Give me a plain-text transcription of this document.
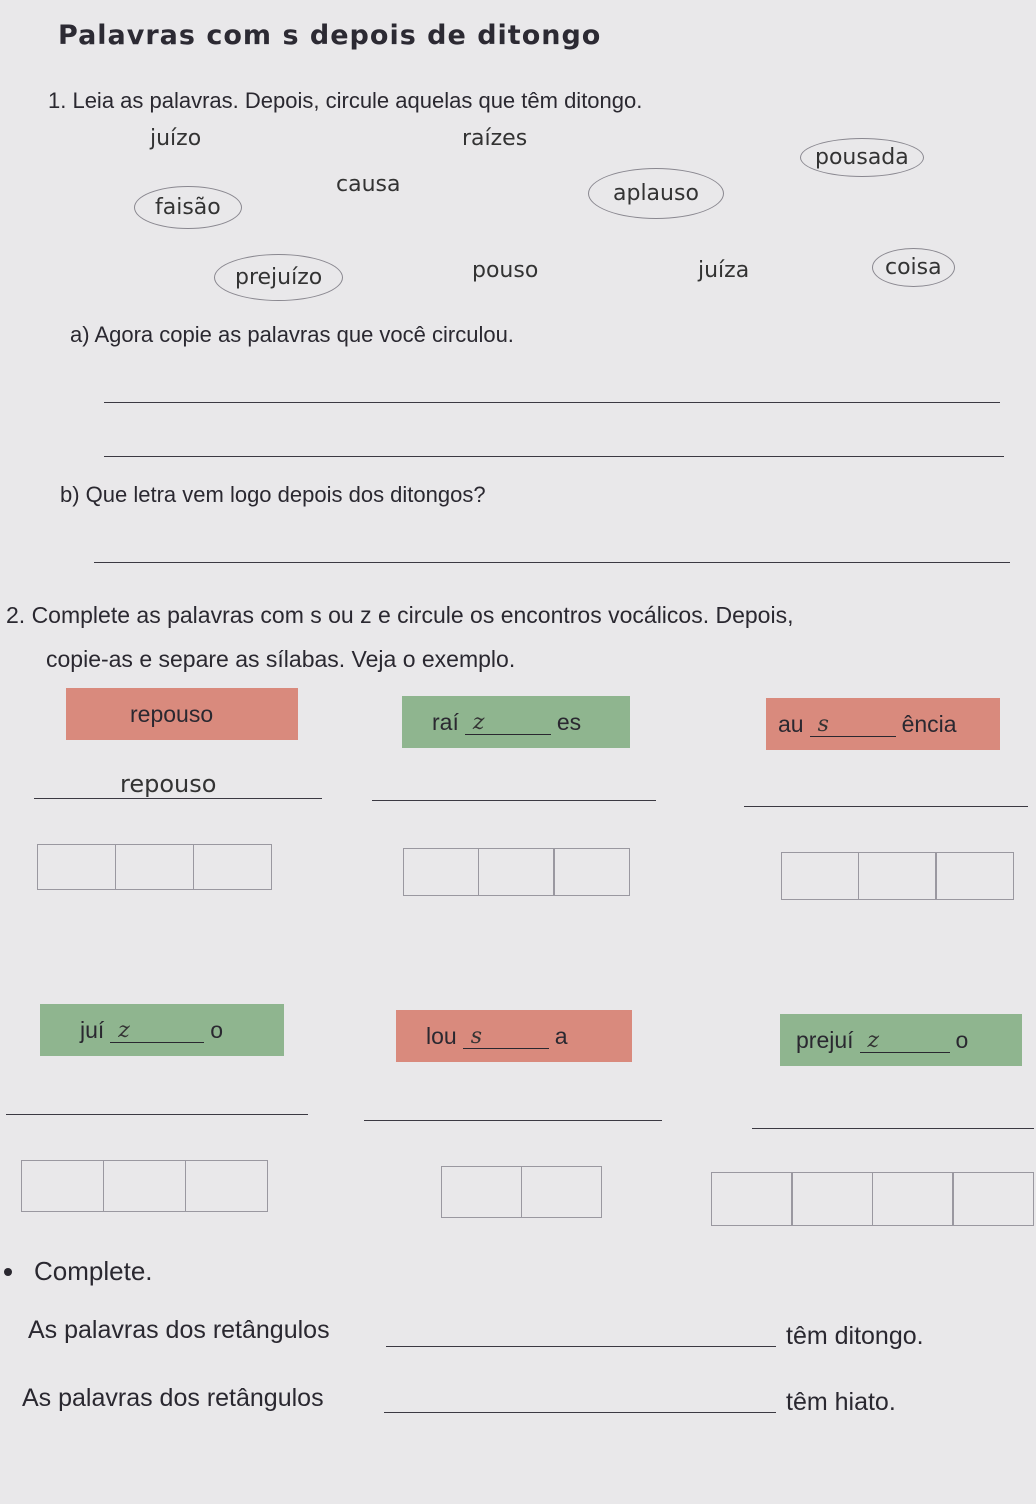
Palavras com s depois de ditongo
1. Leia as palavras. Depois, circule aquelas que têm ditongo.
juízo	raízes
pousada
causa
faisão
aplauso
prejuízo	pouso	juíza	coisa
a) Agora copie as palavras que você circulou.
b) Que letra vem logo depois dos ditongos?
2. Complete as palavras com s ou z e circule os encontros vocálicos. Depois,
copie-as e separe as sílabas. Veja o exemplo.
repouso	raí z	es	au s	ência
repouso
juí z	o	lou s	a	prejuí z	o
Complete.
As palavras dos retângulos	têm ditongo.
As palavras dos retângulos	têm hiato.
